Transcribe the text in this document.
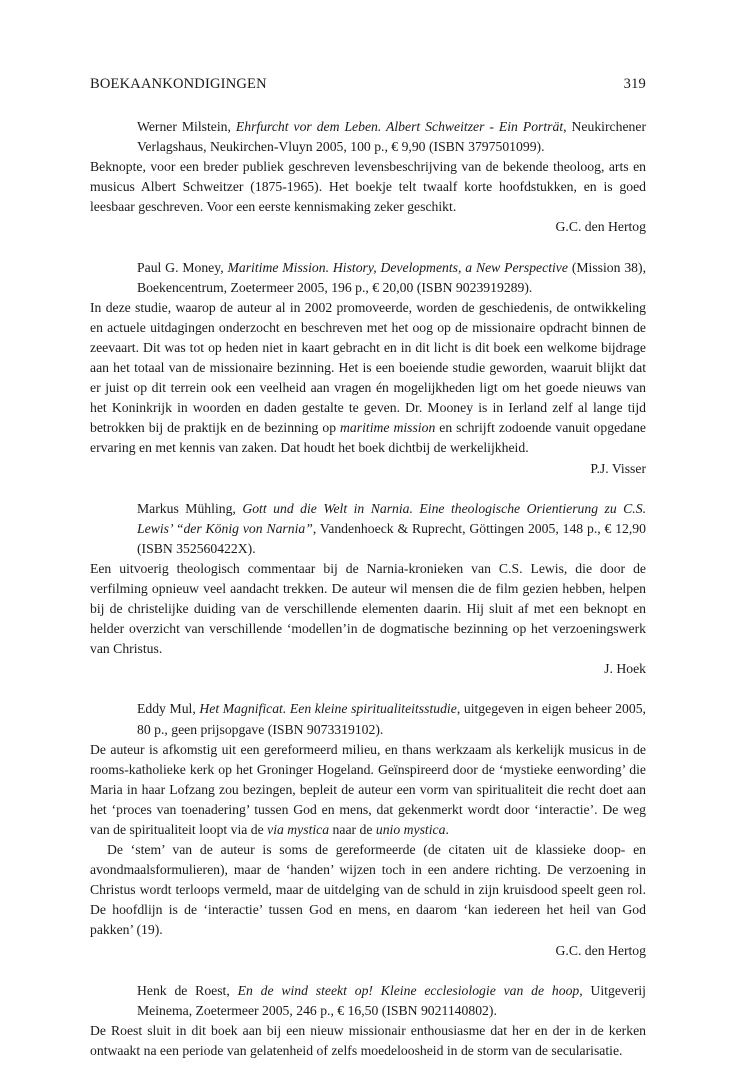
BOEKAANKONDIGINGEN	319
Werner Milstein, Ehrfurcht vor dem Leben. Albert Schweitzer - Ein Porträt, Neukirchener Verlagshaus, Neukirchen-Vluyn 2005, 100 p., € 9,90 (ISBN 3797501099).

Beknopte, voor een breder publiek geschreven levensbeschrijving van de bekende theoloog, arts en musicus Albert Schweitzer (1875-1965). Het boekje telt twaalf korte hoofdstukken, en is goed leesbaar geschreven. Voor een eerste kennismaking zeker geschikt.

G.C. den Hertog
Paul G. Money, Maritime Mission. History, Developments, a New Perspective (Mission 38), Boekencentrum, Zoetermeer 2005, 196 p., € 20,00 (ISBN 9023919289).

In deze studie, waarop de auteur al in 2002 promoveerde, worden de geschiedenis, de ontwikkeling en actuele uitdagingen onderzocht en beschreven met het oog op de missionaire opdracht binnen de zeevaart. Dit was tot op heden niet in kaart gebracht en in dit licht is dit boek een welkome bijdrage aan het totaal van de missionaire bezinning. Het is een boeiende studie geworden, waaruit blijkt dat er juist op dit terrein ook een veelheid aan vragen én mogelijkheden ligt om het goede nieuws van het Koninkrijk in woorden en daden gestalte te geven. Dr. Mooney is in Ierland zelf al lange tijd betrokken bij de praktijk en de bezinning op maritime mission en schrijft zodoende vanuit opgedane ervaring en met kennis van zaken. Dat houdt het boek dichtbij de werkelijkheid.

P.J. Visser
Markus Mühling, Gott und die Welt in Narnia. Eine theologische Orientierung zu C.S. Lewis’ “der König von Narnia”, Vandenhoeck & Ruprecht, Göttingen 2005, 148 p., € 12,90 (ISBN 352560422X).

Een uitvoerig theologisch commentaar bij de Narnia-kronieken van C.S. Lewis, die door de verfilming opnieuw veel aandacht trekken. De auteur wil mensen die de film gezien hebben, helpen bij de christelijke duiding van de verschillende elementen daarin. Hij sluit af met een beknopt en helder overzicht van verschillende ‘modellen’in de dogmatische bezinning op het verzoeningswerk van Christus.

J. Hoek
Eddy Mul, Het Magnificat. Een kleine spiritualiteitsstudie, uitgegeven in eigen beheer 2005, 80 p., geen prijsopgave (ISBN 9073319102).

De auteur is afkomstig uit een gereformeerd milieu, en thans werkzaam als kerkelijk musicus in de rooms-katholieke kerk op het Groninger Hogeland. Geïnspireerd door de ‘mystieke eenwording’ die Maria in haar Lofzang zou bezingen, bepleit de auteur een vorm van spiritualiteit die recht doet aan het ‘proces van toenadering’ tussen God en mens, dat gekenmerkt wordt door ‘interactie’. De weg van de spiritualiteit loopt via de via mystica naar de unio mystica.

De ‘stem’ van de auteur is soms de gereformeerde (de citaten uit de klassieke doop- en avondmaalsformulieren), maar de ‘handen’ wijzen toch in een andere richting. De verzoening in Christus wordt terloops vermeld, maar de uitdelging van de schuld in zijn kruisdood speelt geen rol. De hoofdlijn is de ‘interactie’ tussen God en mens, en daarom ‘kan iedereen het heil van God pakken’ (19).

G.C. den Hertog
Henk de Roest, En de wind steekt op! Kleine ecclesiologie van de hoop, Uitgeverij Meinema, Zoetermeer 2005, 246 p., € 16,50 (ISBN 9021140802).

De Roest sluit in dit boek aan bij een nieuw missionair enthousiasme dat her en der in de kerken ontwaakt na een periode van gelatenheid of zelfs moedeloosheid in de storm van de secularisatie.
